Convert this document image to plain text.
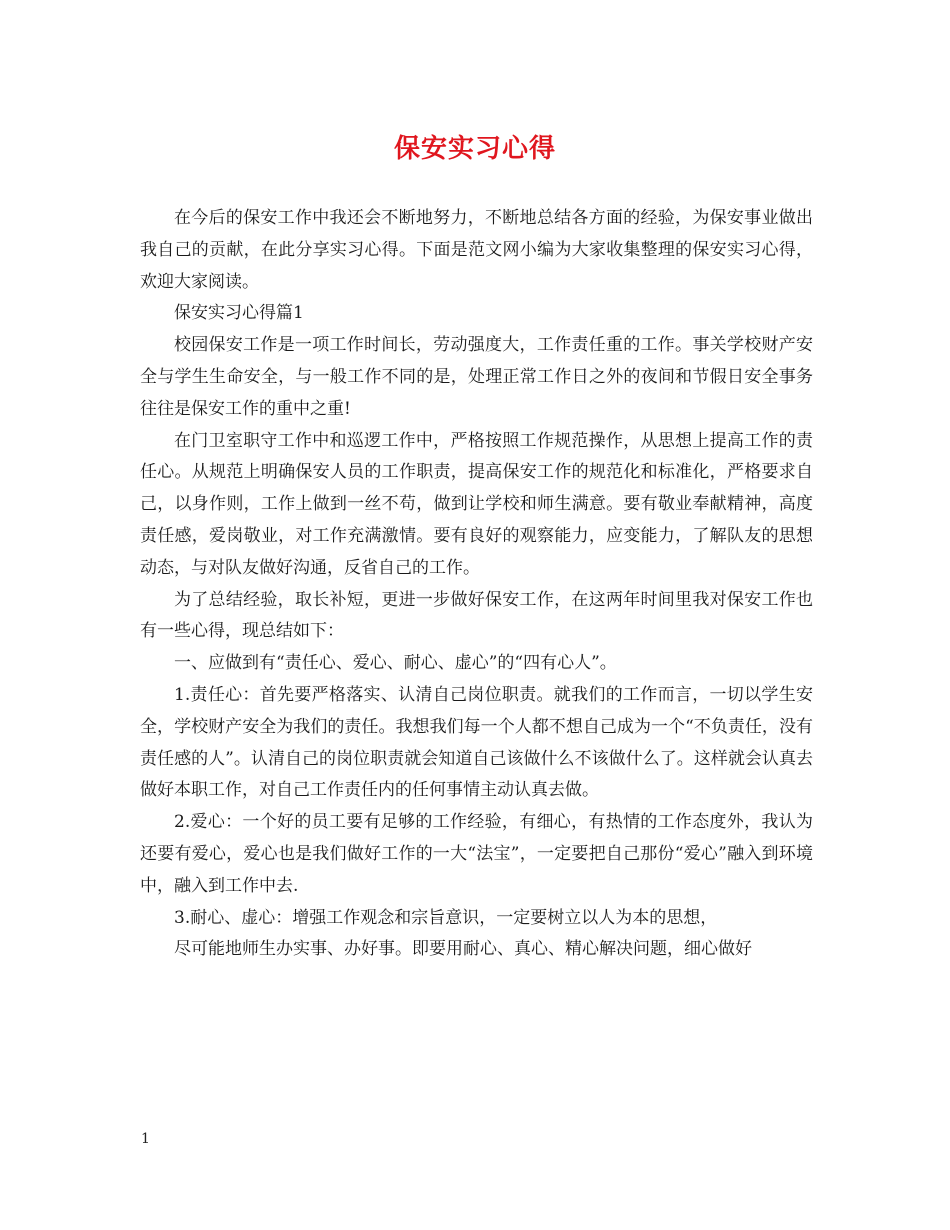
保安实习心得

在今后的保安工作中我还会不断地努力，不断地总结各方面的经验，为保安事业做出我自己的贡献，在此分享实习心得。下面是范文网小编为大家收集整理的保安实习心得，欢迎大家阅读。

保安实习心得篇1

校园保安工作是一项工作时间长，劳动强度大，工作责任重的工作。事关学校财产安全与学生生命安全，与一般工作不同的是，处理正常工作日之外的夜间和节假日安全事务往往是保安工作的重中之重!

在门卫室职守工作中和巡逻工作中，严格按照工作规范操作，从思想上提高工作的责任心。从规范上明确保安人员的工作职责，提高保安工作的规范化和标准化，严格要求自己，以身作则，工作上做到一丝不苟，做到让学校和师生满意。要有敬业奉献精神，高度责任感，爱岗敬业，对工作充满激情。要有良好的观察能力，应变能力，了解队友的思想动态，与对队友做好沟通，反省自己的工作。

为了总结经验，取长补短，更进一步做好保安工作，在这两年时间里我对保安工作也有一些心得，现总结如下：

一、应做到有“责任心、爱心、耐心、虚心”的“四有心人”。

1.责任心：首先要严格落实、认清自己岗位职责。就我们的工作而言，一切以学生安全，学校财产安全为我们的责任。我想我们每一个人都不想自己成为一个“不负责任，没有责任感的人”。认清自己的岗位职责就会知道自己该做什么不该做什么了。这样就会认真去做好本职工作，对自己工作责任内的任何事情主动认真去做。

2.爱心：一个好的员工要有足够的工作经验，有细心，有热情的工作态度外，我认为还要有爱心，爱心也是我们做好工作的一大“法宝”，一定要把自己那份“爱心”融入到环境中，融入到工作中去.

3.耐心、虚心：增强工作观念和宗旨意识，一定要树立以人为本的思想，

尽可能地师生办实事、办好事。即要用耐心、真心、精心解决问题，细心做好

1
